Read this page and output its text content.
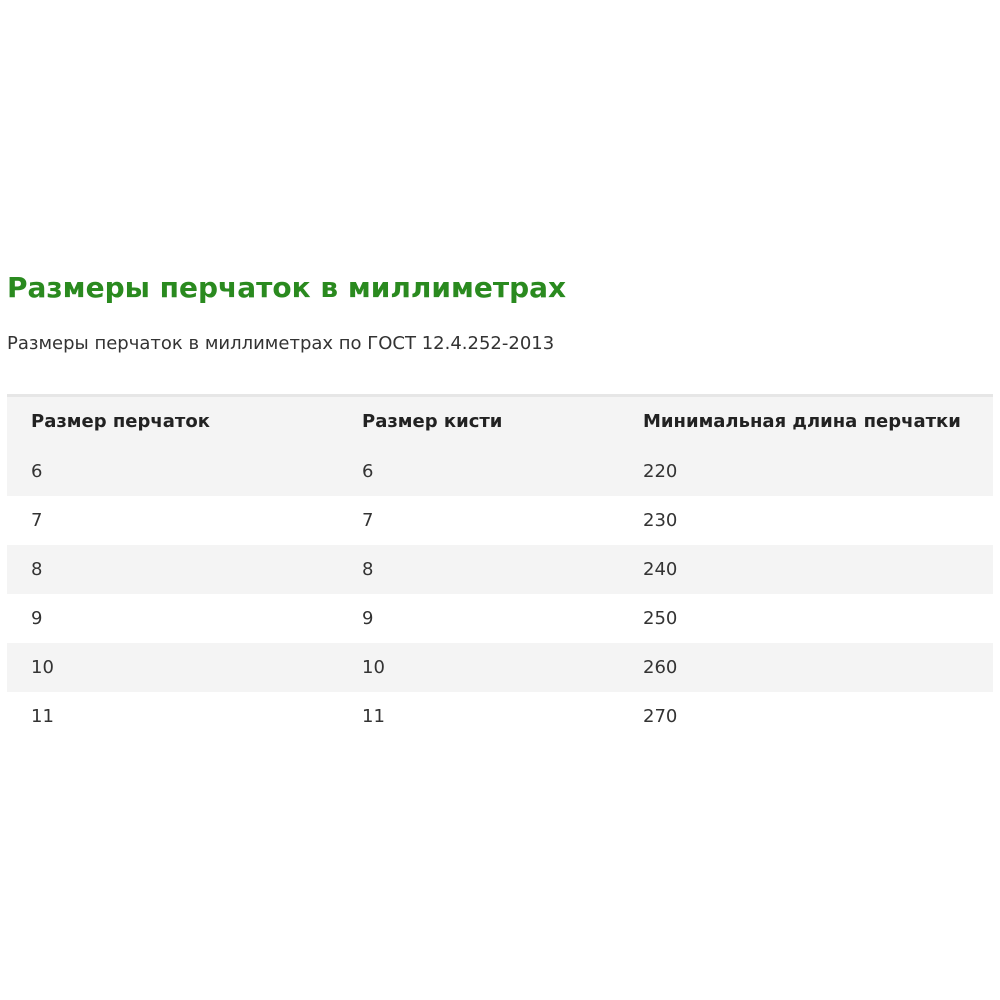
Размеры перчаток в миллиметрах

Размеры перчаток в миллиметрах по ГОСТ 12.4.252-2013

Размер перчаток	Размер кисти	Минимальная длина перчатки
6	6	220
7	7	230
8	8	240
9	9	250
10	10	260
11	11	270
